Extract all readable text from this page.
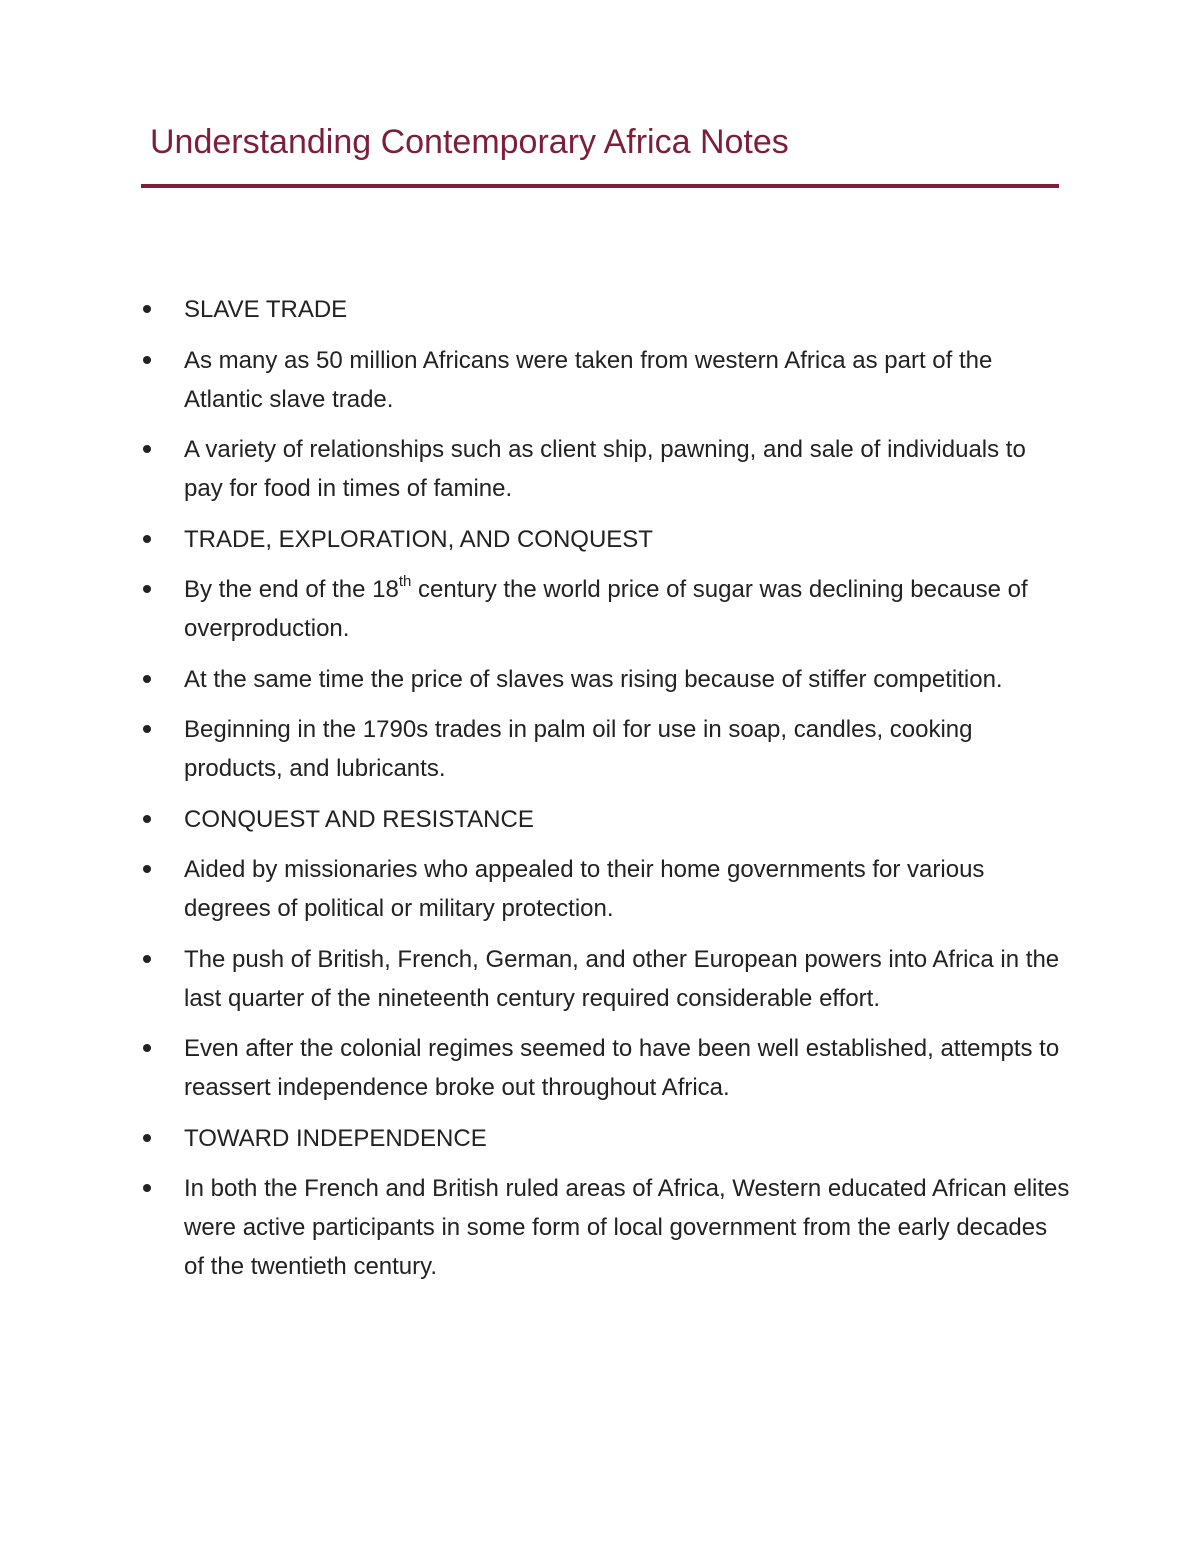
Understanding Contemporary Africa Notes
SLAVE TRADE
As many as 50 million Africans were taken from western Africa as part of the Atlantic slave trade.
A variety of relationships such as client ship, pawning, and sale of individuals to pay for food in times of famine.
TRADE, EXPLORATION, AND CONQUEST
By the end of the 18th century the world price of sugar was declining because of overproduction.
At the same time the price of slaves was rising because of stiffer competition.
Beginning in the 1790s trades in palm oil for use in soap, candles, cooking products, and lubricants.
CONQUEST AND RESISTANCE
Aided by missionaries who appealed to their home governments for various degrees of political or military protection.
The push of British, French, German, and other European powers into Africa in the last quarter of the nineteenth century required considerable effort.
Even after the colonial regimes seemed to have been well established, attempts to reassert independence broke out throughout Africa.
TOWARD INDEPENDENCE
In both the French and British ruled areas of Africa, Western educated African elites were active participants in some form of local government from the early decades of the twentieth century.
